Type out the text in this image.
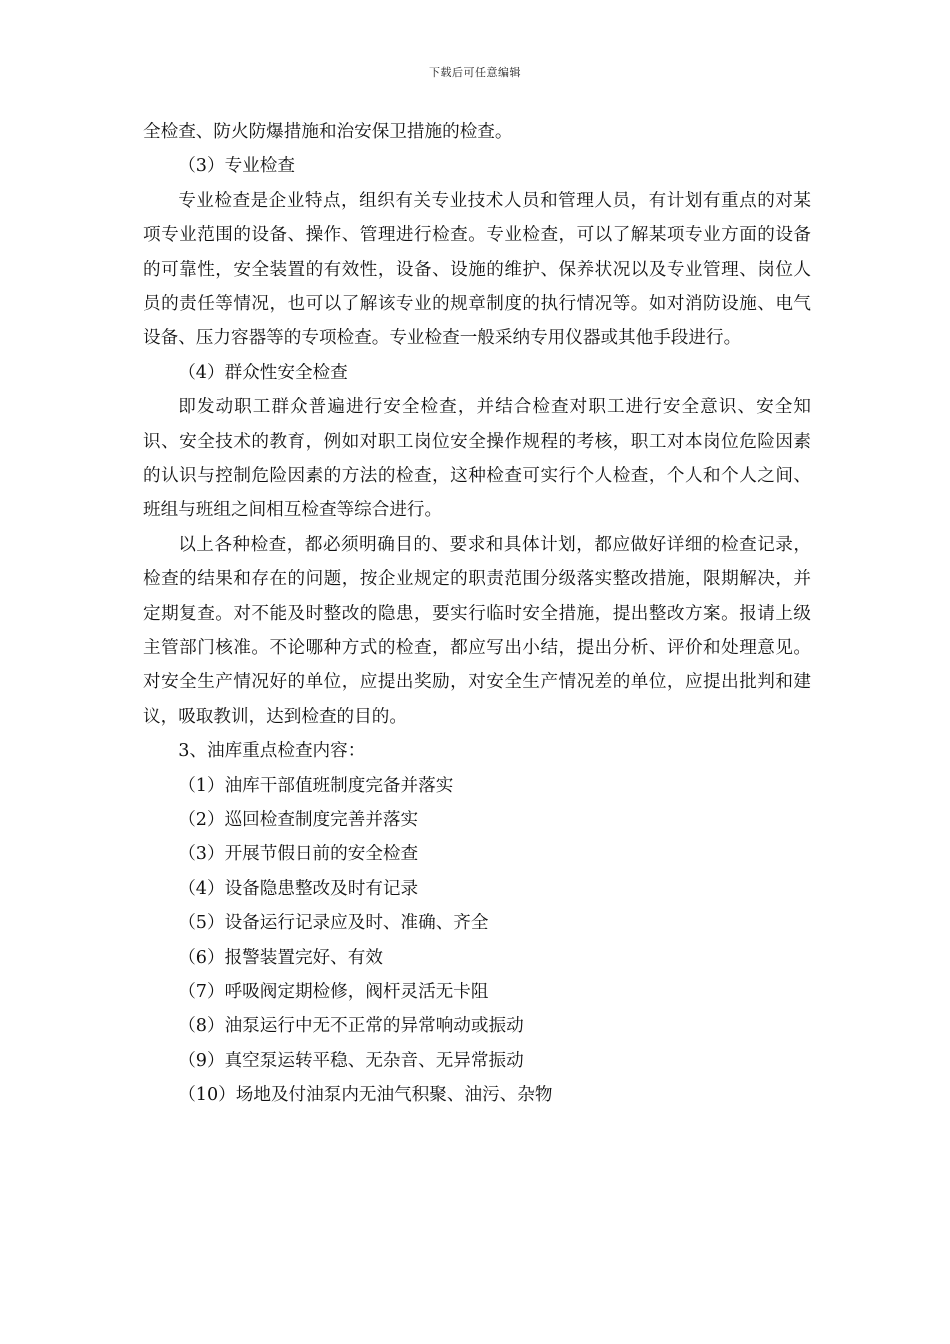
下载后可任意编辑
全检查、防火防爆措施和治安保卫措施的检查。
（3）专业检查
专业检查是企业特点，组织有关专业技术人员和管理人员，有计划有重点的对某项专业范围的设备、操作、管理进行检查。专业检查，可以了解某项专业方面的设备的可靠性，安全装置的有效性，设备、设施的维护、保养状况以及专业管理、岗位人员的责任等情况，也可以了解该专业的规章制度的执行情况等。如对消防设施、电气设备、压力容器等的专项检查。专业检查一般采纳专用仪器或其他手段进行。
（4）群众性安全检查
即发动职工群众普遍进行安全检查，并结合检查对职工进行安全意识、安全知识、安全技术的教育，例如对职工岗位安全操作规程的考核，职工对本岗位危险因素的认识与控制危险因素的方法的检查，这种检查可实行个人检查，个人和个人之间、班组与班组之间相互检查等综合进行。
以上各种检查，都必须明确目的、要求和具体计划，都应做好详细的检查记录，检查的结果和存在的问题，按企业规定的职责范围分级落实整改措施，限期解决，并定期复查。对不能及时整改的隐患，要实行临时安全措施，提出整改方案。报请上级主管部门核准。不论哪种方式的检查，都应写出小结，提出分析、评价和处理意见。对安全生产情况好的单位，应提出奖励，对安全生产情况差的单位，应提出批判和建议，吸取教训，达到检查的目的。
3、油库重点检查内容：
（1）油库干部值班制度完备并落实
（2）巡回检查制度完善并落实
（3）开展节假日前的安全检查
（4）设备隐患整改及时有记录
（5）设备运行记录应及时、准确、齐全
（6）报警装置完好、有效
（7）呼吸阀定期检修，阀杆灵活无卡阻
（8）油泵运行中无不正常的异常响动或振动
（9）真空泵运转平稳、无杂音、无异常振动
（10）场地及付油泵内无油气积聚、油污、杂物
